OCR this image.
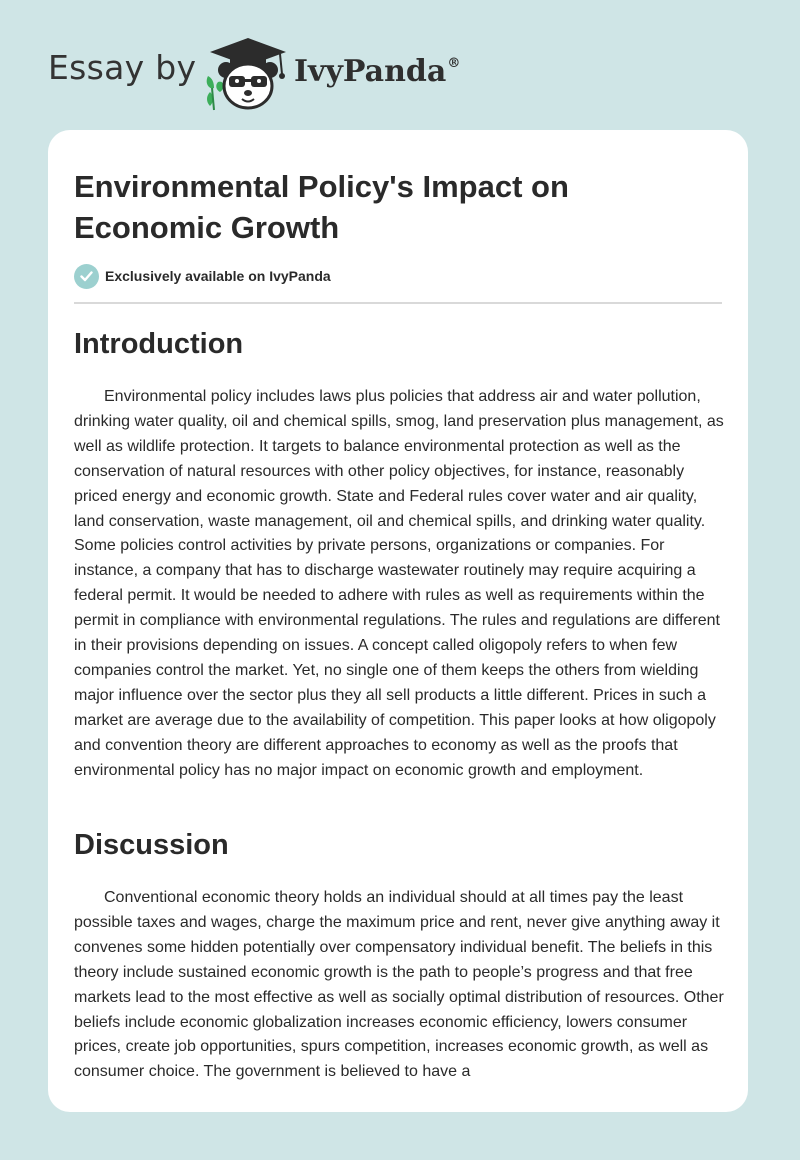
Essay by	IvyPanda®
Environmental Policy's Impact on Economic Growth
Exclusively available on IvyPanda
Introduction

Environmental policy includes laws plus policies that address air and water pollution, drinking water quality, oil and chemical spills, smog, land preservation plus management, as well as wildlife protection. It targets to balance environmental protection as well as the conservation of natural resources with other policy objectives, for instance, reasonably priced energy and economic growth. State and Federal rules cover water and air quality, land conservation, waste management, oil and chemical spills, and drinking water quality. Some policies control activities by private persons, organizations or companies. For instance, a company that has to discharge wastewater routinely may require acquiring a federal permit. It would be needed to adhere with rules as well as requirements within the permit in compliance with environmental regulations. The rules and regulations are different in their provisions depending on issues. A concept called oligopoly refers to when few companies control the market. Yet, no single one of them keeps the others from wielding major influence over the sector plus they all sell products a little different. Prices in such a market are average due to the availability of competition. This paper looks at how oligopoly and convention theory are different approaches to economy as well as the proofs that environmental policy has no major impact on economic growth and employment.

Discussion

Conventional economic theory holds an individual should at all times pay the least possible taxes and wages, charge the maximum price and rent, never give anything away it convenes some hidden potentially over compensatory individual benefit. The beliefs in this theory include sustained economic growth is the path to people’s progress and that free markets lead to the most effective as well as socially optimal distribution of resources. Other beliefs include economic globalization increases economic efficiency, lowers consumer prices, create job opportunities, spurs competition, increases economic growth, as well as consumer choice. The government is believed to have a
